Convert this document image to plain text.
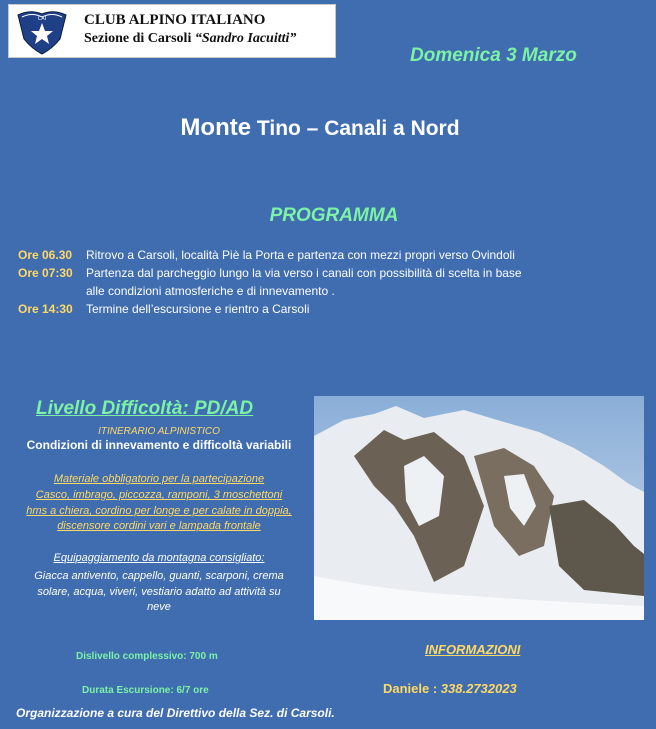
CAI	CLUB ALPINO ITALIANO
Sezione di Carsoli “Sandro Iacuitti”
Domenica 3 Marzo
Monte Tino – Canali a Nord
PROGRAMMA
Ore 06.30 Ritrovo a Carsoli, località Piè la Porta e partenza con mezzi propri verso Ovindoli
Ore 07:30 Partenza dal parcheggio lungo la via verso i canali con possibilità di scelta in base
alle condizioni atmosferiche e di innevamento .
Ore 14:30 Termine dell’escursione e rientro a Carsoli
Livello Difficoltà: PD/AD
ITINERARIO ALPINISTICO
Condizioni di innevamento e difficoltà variabili
Materiale obbligatorio per la partecipazione
Casco, imbrago, piccozza, ramponi, 3 moschettoni
hms a chiera, cordino per longe e per calate in doppia,
discensore cordini vari e lampada frontale
Equipaggiamento da montagna consigliato:
Giacca antivento, cappello, guanti, scarponi, crema
solare, acqua, viveri, vestiario adatto ad attività su
neve
Dislivello complessivo: 700 m
Durata Escursione: 6/7 ore
INFORMAZIONI
Daniele : 338.2732023
Organizzazione a cura del Direttivo della Sez. di Carsoli.
